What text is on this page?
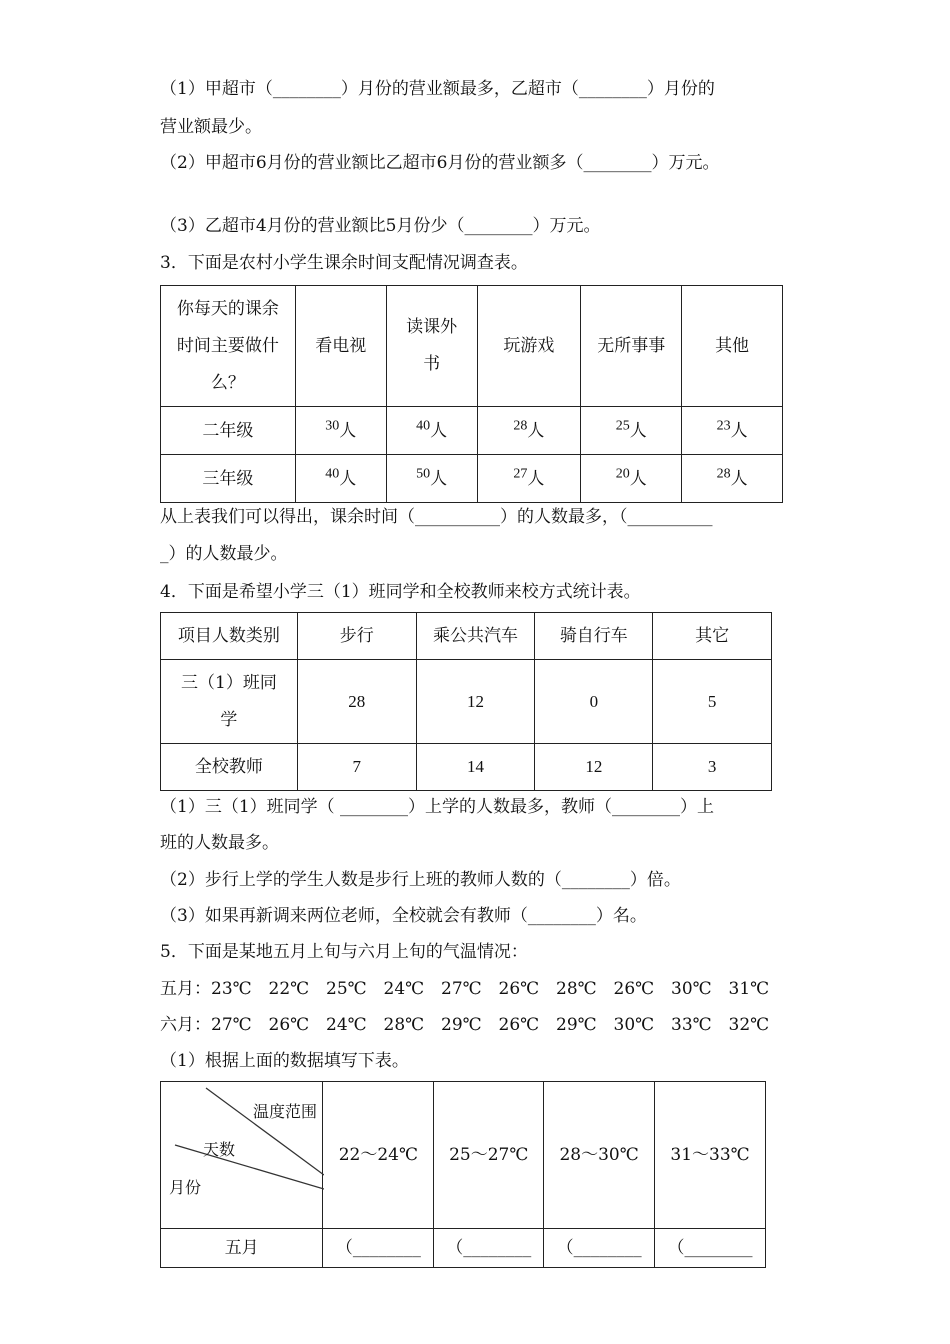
（1）甲超市（________）月份的营业额最多，乙超市（________）月份的
营业额最少。
（2）甲超市6月份的营业额比乙超市6月份的营业额多（________）万元。
（3）乙超市4月份的营业额比5月份少（________）万元。
3．下面是农村小学生课余时间支配情况调查表。
你每天的课余时间主要做什么？	看电视	读课外书	玩游戏	无所事事	其他
二年级	$^{30}$人	$^{40}$人	$^{28}$人	$^{25}$人	$^{23}$人
三年级	$^{40}$人	$^{50}$人	$^{27}$人	$^{20}$人	$^{28}$人
从上表我们可以得出，课余时间（__________）的人数最多，（__________
_）的人数最少。
4．下面是希望小学三（1）班同学和全校教师来校方式统计表。
项目人数类别	步行	乘公共汽车	骑自行车	其它
三（1）班同学	28	12	0	5
全校教师	7	14	12	3
（1）三（1）班同学（ ________）上学的人数最多，教师（________）上
班的人数最多。
（2）步行上学的学生人数是步行上班的教师人数的（________）倍。
（3）如果再新调来两位老师，全校就会有教师（________）名。
5．下面是某地五月上旬与六月上旬的气温情况：
五月：23℃ 22℃ 25℃ 24℃ 27℃ 26℃ 28℃ 26℃ 30℃ 31℃
六月：27℃ 26℃ 24℃ 28℃ 29℃ 26℃ 29℃ 30℃ 33℃ 32℃
（1）根据上面的数据填写下表。
温度范围
天数
月份	22～24℃	25～27℃	28～30℃	31～33℃
五月	（________	（________	（________	（________
